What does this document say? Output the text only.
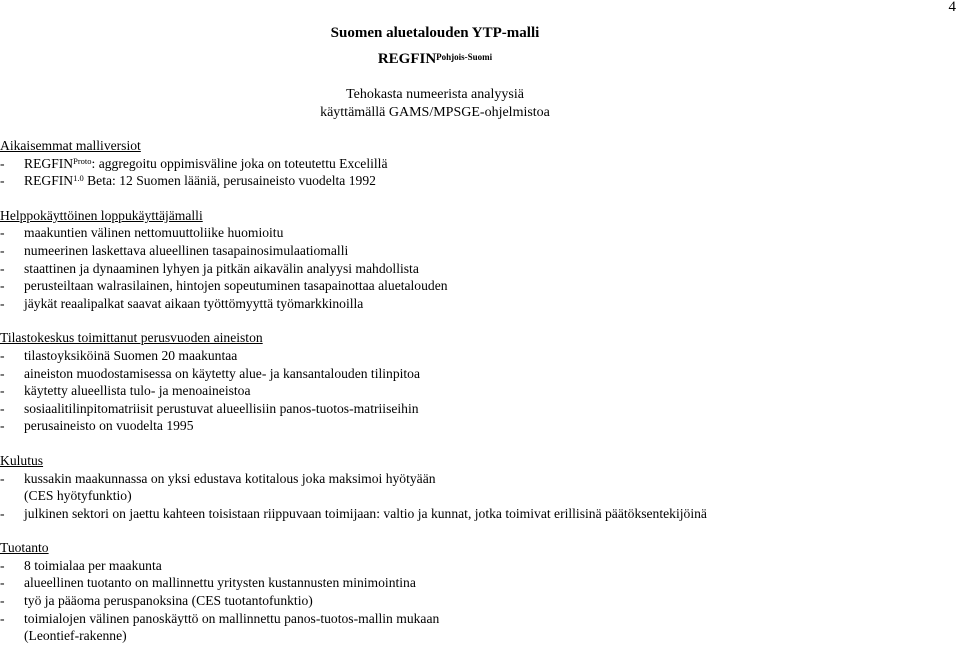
4
Suomen aluetalouden YTP-malli
$REGFIN^{Pohjois-Suomi}$
Tehokasta numeerista analyysiä
käyttämällä GAMS/MPSGE-ohjelmistoa
Aikaisemmat malliversiot
- $REGFIN^{Proto}$: aggregoitu oppimisväline joka on toteutettu Excelillä
- $REGFIN^{1.0}$ Beta: 12 Suomen lääniä, perusaineisto vuodelta 1992
Helppokäyttöinen loppukäyttäjämalli
- maakuntien välinen nettomuuttoliike huomioitu
- numeerinen laskettava alueellinen tasapainosimulaatiomalli
- staattinen ja dynaaminen lyhyen ja pitkän aikavälin analyysi mahdollista
- perusteiltaan walrasilainen, hintojen sopeutuminen tasapainottaa aluetalouden
- jäykät reaalipalkat saavat aikaan työttömyyttä työmarkkinoilla
Tilastokeskus toimittanut perusvuoden aineiston
- tilastoyksiköinä Suomen 20 maakuntaa
- aineiston muodostamisessa on käytetty alue- ja kansantalouden tilinpitoa
- käytetty alueellista tulo- ja menoaineistoa
- sosiaalitilinpitomatriisit perustuvat alueellisiin panos-tuotos-matriiseihin
- perusaineisto on vuodelta 1995
Kulutus
- kussakin maakunnassa on yksi edustava kotitalous joka maksimoi hyötyään
(CES hyötyfunktio)
- julkinen sektori on jaettu kahteen toisistaan riippuvaan toimijaan: valtio ja kunnat, jotka toimivat erillisinä päätöksentekijöinä
Tuotanto
- 8 toimialaa per maakunta
- alueellinen tuotanto on mallinnettu yritysten kustannusten minimointina
- työ ja pääoma peruspanoksina (CES tuotantofunktio)
- toimialojen välinen panoskäyttö on mallinnettu panos-tuotos-mallin mukaan
(Leontief-rakenne)
